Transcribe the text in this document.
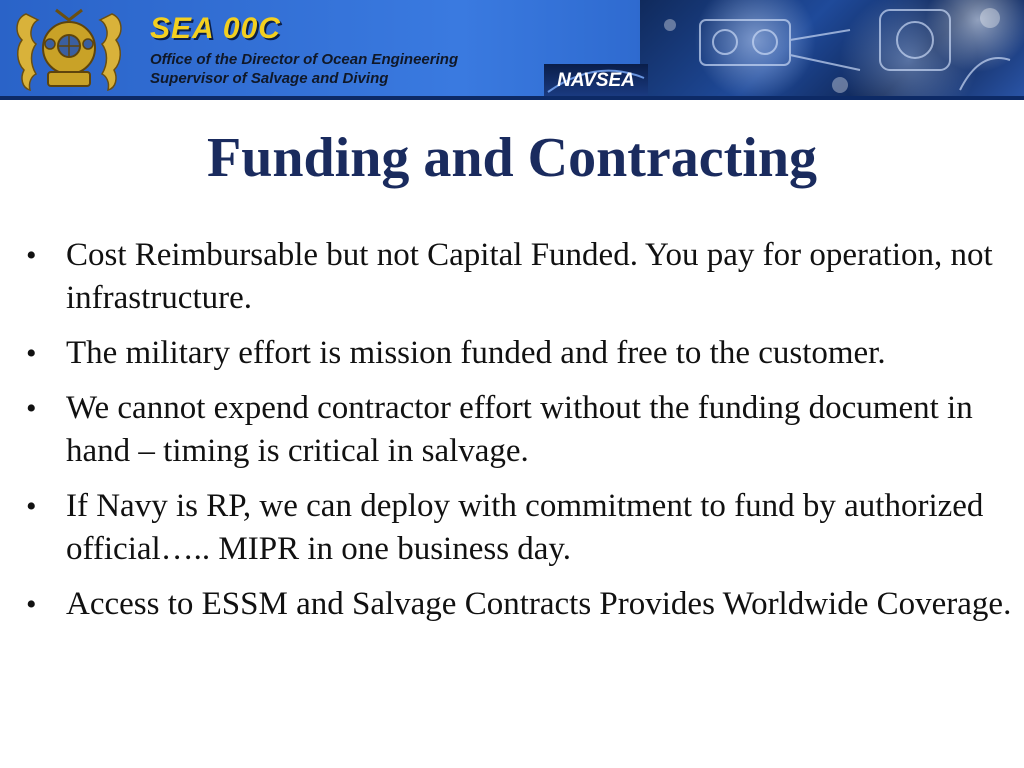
SEA 00C
Office of the Director of Ocean Engineering
Supervisor of Salvage and Diving	NAVSEA
Funding and Contracting
• Cost Reimbursable but not Capital Funded. You pay for operation, not infrastructure.
• The military effort is mission funded and free to the customer.
• We cannot expend contractor effort without the funding document in hand – timing is critical in salvage.
• If Navy is RP, we can deploy with commitment to fund by authorized official….. MIPR in one business day.
• Access to ESSM and Salvage Contracts Provides Worldwide Coverage.
